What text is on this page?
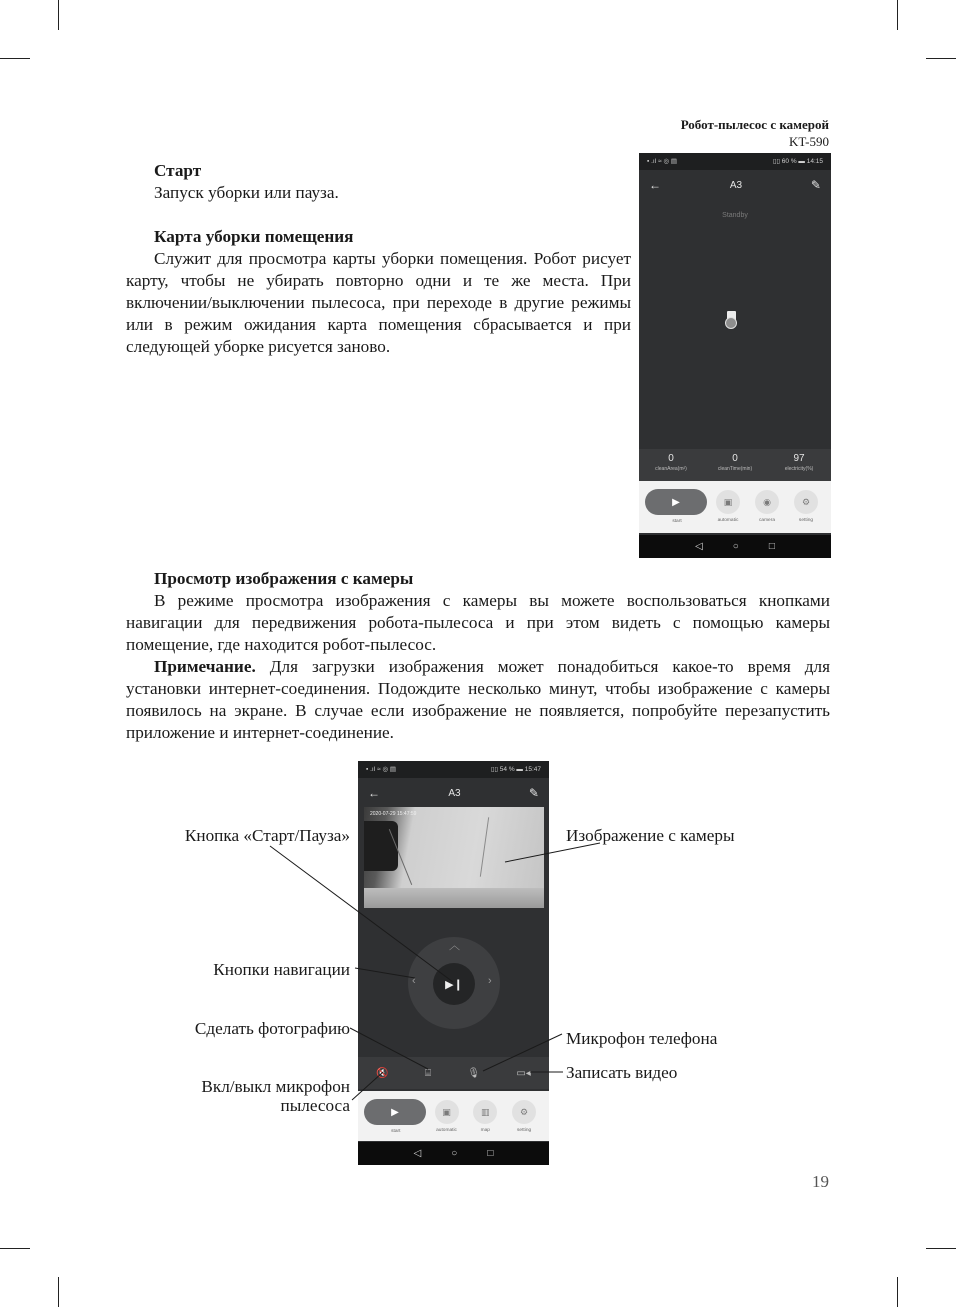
Робот-пылесос с камерой
KT-590

Старт

Запуск уборки или пауза.

Карта уборки помещения

Служит для просмотра карты уборки помещения. Робот рисует карту, чтобы не убирать повторно одни и те же места. При включении/выключении пылесоса, при переходе в другие режимы или в режим ожидания карта помещения сбрасывается и при следующей уборке рисуется заново.

▪ .ıl ≈ ◎ ▤	▯▯ 60 % ▬ 14:15
←	A3	✎
Standby
0
cleanArea(m²)
0
cleanTime(min)
97
electricity(%)
▶
start
▣
automatic
◉
camera
⚙
setting
◁	○	□

Просмотр изображения с камеры

В режиме просмотра изображения с камеры вы можете воспользоваться кнопками навигации для передвижения робота-пылесоса и при этом видеть с помощью камеры помещение, где находится робот-пылесос.

Примечание. Для загрузки изображения может понадобиться какое-то время для установки интернет-соединения. Подождите несколько минут, чтобы изображение с камеры появилось на экране. В случае если изображение не появляется, попробуйте перезапустить приложение и интернет-соединение.

▪ .ıl ≈ ◎ ▤	▯▯ 54 % ▬ 15:47
←	A3	✎
2020-07-29 15:47:59
︿
‹	›
▶❙
🔇	⌸	🎙	▭◂
▶
start
▣
automatic
▥
map
⚙
setting
◁	○	□
Кнопка «Старт/Пауза»	Изображение с камеры
Кнопки навигации
Сделать фотографию
Микрофон телефона
Записать видео
Вкл/выкл микрофон
пылесоса
19
